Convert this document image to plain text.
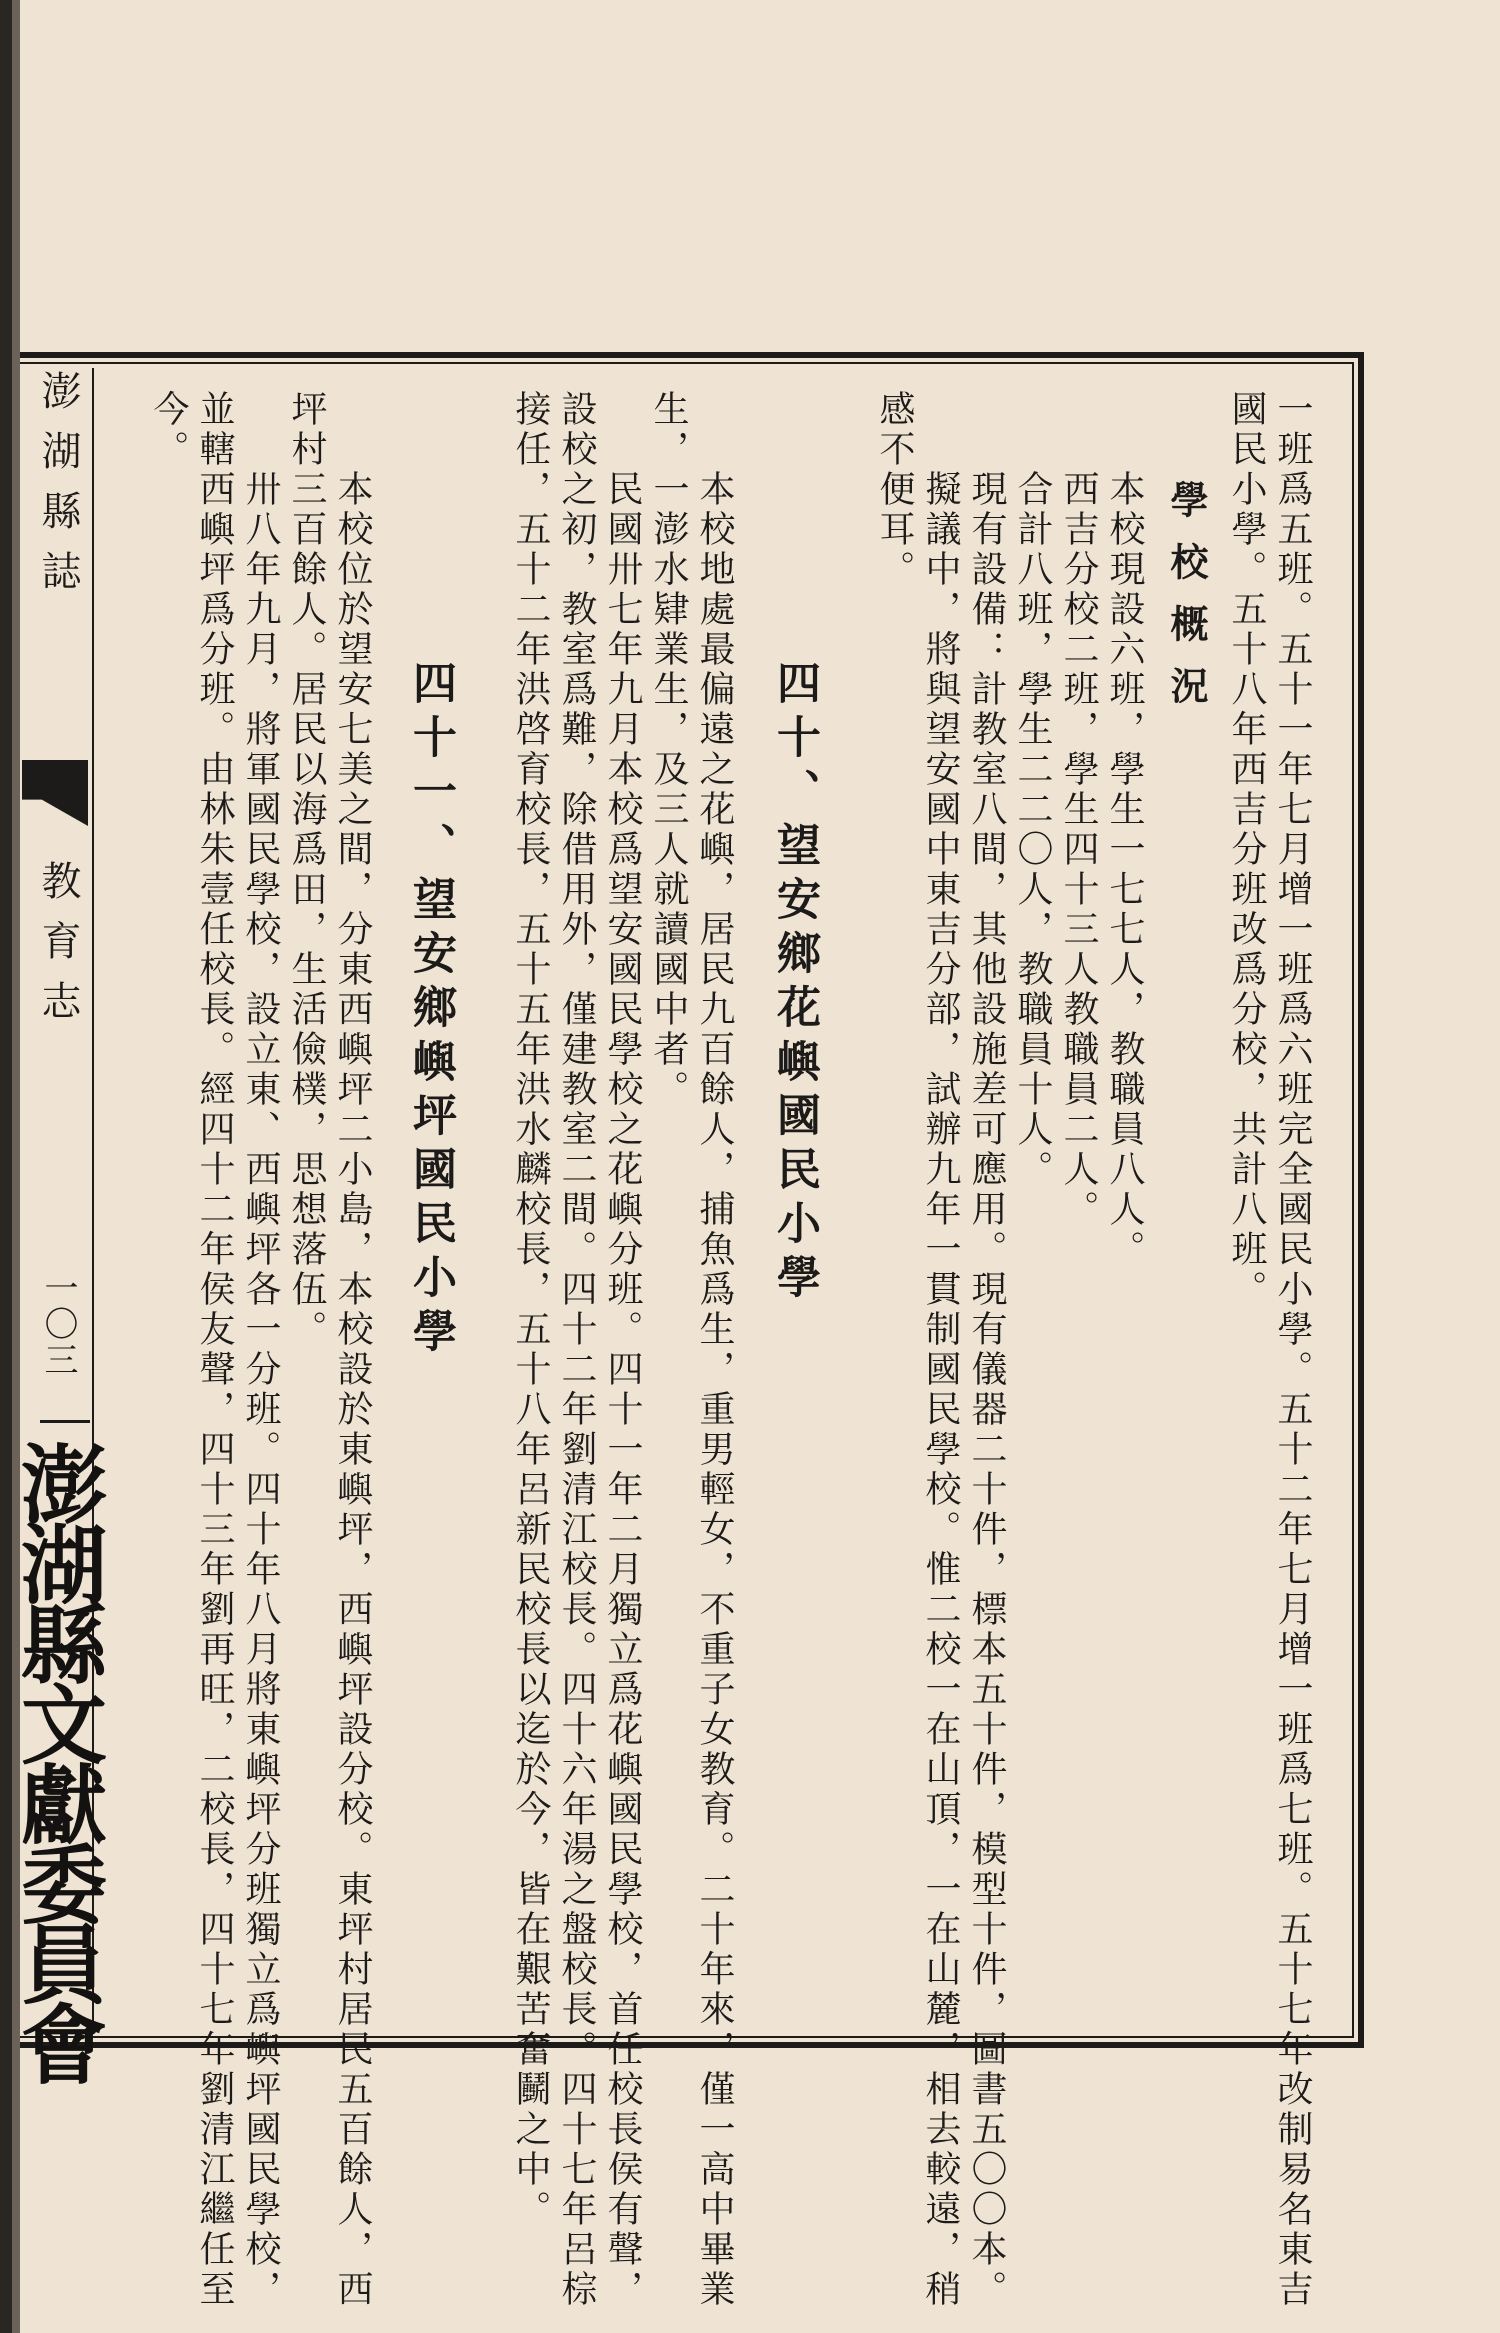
澎湖縣誌
教育志
一〇三
澎湖縣文獻委員會	一班爲五班。五十一年七月增一班爲六班完全國民小學。五十二年七月增一班爲七班。五十七年改制易名東吉
國民小學。五十八年西吉分班改爲分校，共計八班。
學校概況
　本校現設六班，學生一七七人，教職員八人。
　西吉分校二班，學生四十三人教職員二人。
　合計八班，學生二二〇人，教職員十人。
　現有設備：計教室八間，其他設施差可應用。現有儀器二十件，標本五十件，模型十件，圖書五〇〇本。
　擬議中，將與望安國中東吉分部，試辦九年一貫制國民學校。惟二校一在山頂，一在山麓，相去較遠，稍
感不便耳。
四十、望安鄉花嶼國民小學
　本校地處最偏遠之花嶼，居民九百餘人，捕魚爲生，重男輕女，不重子女教育。二十年來，僅一高中畢業
生，一澎水肄業生，及三人就讀國中者。
　民國卅七年九月本校爲望安國民學校之花嶼分班。四十一年二月獨立爲花嶼國民學校，首任校長侯有聲，
設校之初，教室爲難，除借用外，僅建教室二間。四十二年劉清江校長。四十六年湯之盤校長。四十七年呂棕
接任，五十二年洪啓育校長，五十五年洪水麟校長，五十八年呂新民校長以迄於今，皆在艱苦奮鬭之中。
四十一、望安鄉嶼坪國民小學
　本校位於望安七美之間，分東西嶼坪二小島，本校設於東嶼坪，西嶼坪設分校。東坪村居民五百餘人，西
坪村三百餘人。居民以海爲田，生活儉樸，思想落伍。
　卅八年九月，將軍國民學校，設立東、西嶼坪各一分班。四十年八月將東嶼坪分班獨立爲嶼坪國民學校，
並轄西嶼坪爲分班。由林朱壹任校長。經四十二年侯友聲，四十三年劉再旺，二校長，四十七年劉清江繼任至
今。
